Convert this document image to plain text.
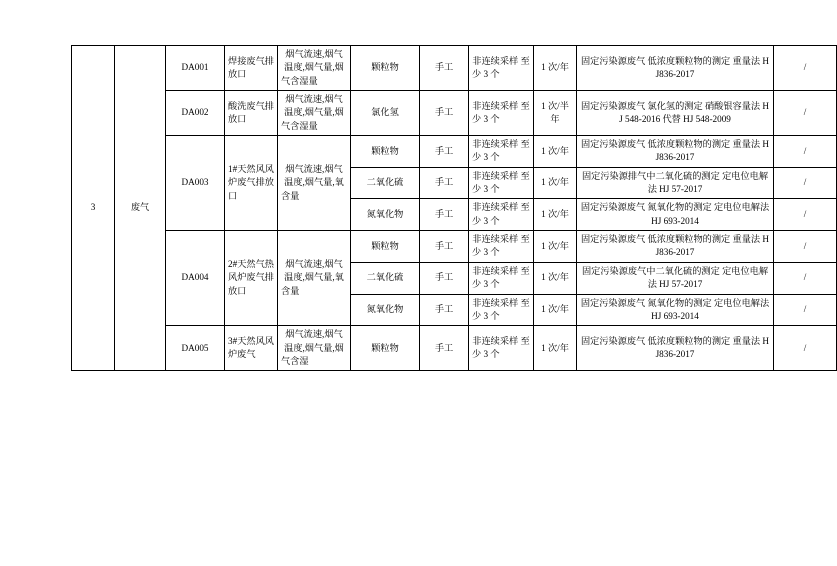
3	废气	DA001	焊接废气排放口	烟气流速,烟气温度,烟气量,烟气含湿量	颗粒物	手工	非连续采样 至少 3 个	1 次/年	固定污染源废气 低浓度颗粒物的测定 重量法 HJ836-2017	/
		DA002	酸洗废气排放口	烟气流速,烟气温度,烟气量,烟气含湿量	氯化氢	手工	非连续采样 至少 3 个	1 次/半年	固定污染源废气 氯化氢的测定 硝酸银容量法 HJ 548-2016 代替 HJ 548-2009	/
		DA003	1#天然风风炉废气排放口	烟气流速,烟气温度,烟气量,氧含量	颗粒物	手工	非连续采样 至少 3 个	1 次/年	固定污染源废气 低浓度颗粒物的测定 重量法 HJ836-2017	/
					二氧化硫	手工	非连续采样 至少 3 个	1 次/年	固定污染源排气中二氧化硫的测定 定电位电解法 HJ 57-2017	/
					氮氧化物	手工	非连续采样 至少 3 个	1 次/年	固定污染源废气 氮氧化物的测定 定电位电解法 HJ 693-2014	/
		DA004	2#天然气热风炉废气排放口	烟气流速,烟气温度,烟气量,氧含量	颗粒物	手工	非连续采样 至少 3 个	1 次/年	固定污染源废气 低浓度颗粒物的测定 重量法 HJ836-2017	/
					二氧化硫	手工	非连续采样 至少 3 个	1 次/年	固定污染源废气中二氧化硫的测定 定电位电解法 HJ 57-2017	/
					氮氧化物	手工	非连续采样 至少 3 个	1 次/年	固定污染源废气 氮氧化物的测定 定电位电解法 HJ 693-2014	/
		DA005	3#天然风风炉废气	烟气流速,烟气温度,烟气量,烟气含湿	颗粒物	手工	非连续采样 至少 3 个	1 次/年	固定污染源废气 低浓度颗粒物的测定 重量法 HJ836-2017	/
